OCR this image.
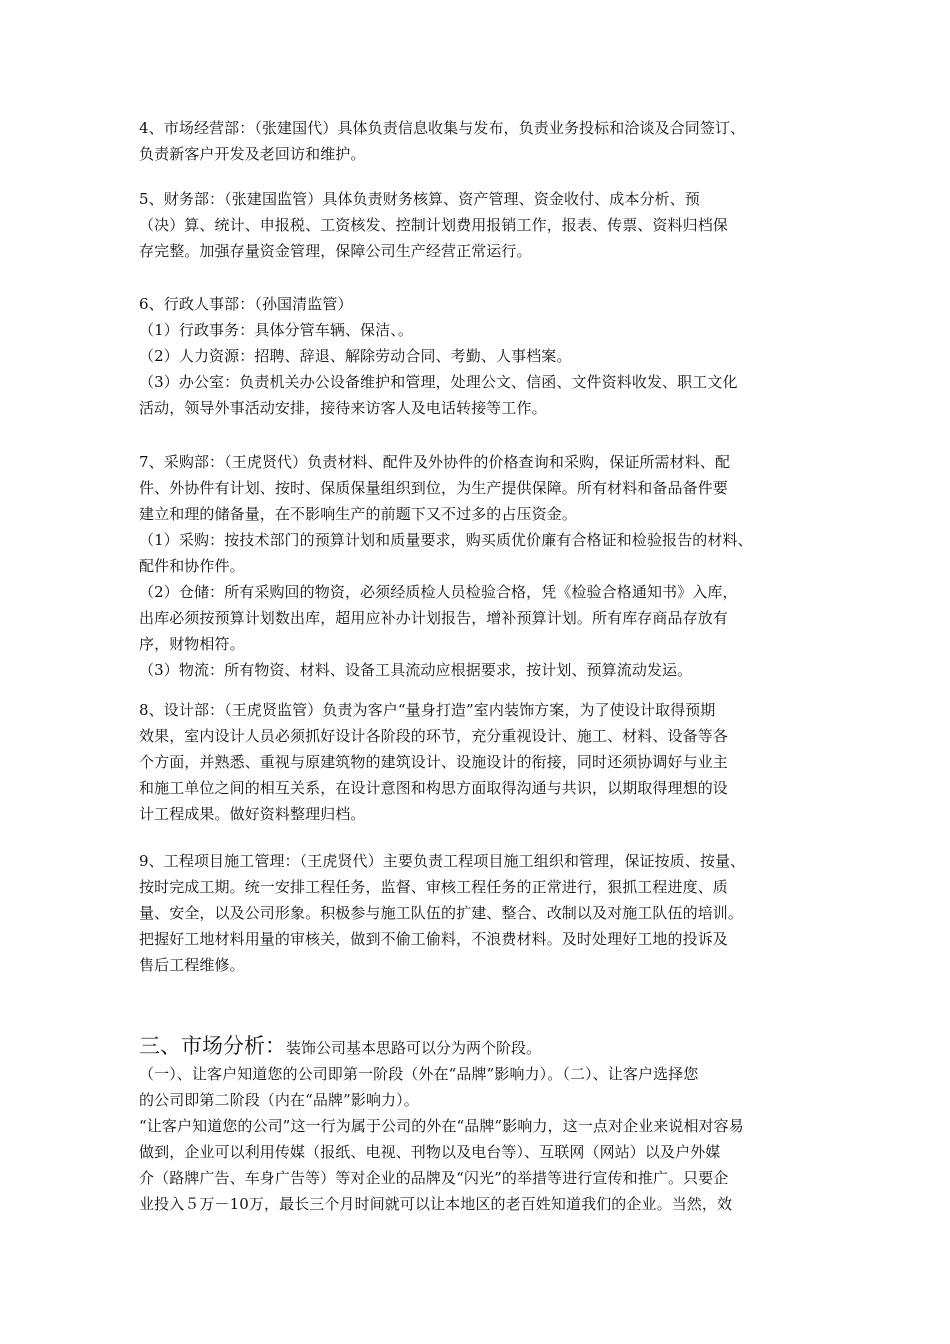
4、市场经营部：（张建国代）具体负责信息收集与发布，负责业务投标和洽谈及合同签订、
负责新客户开发及老回访和维护。
5、财务部：（张建国监管）具体负责财务核算、资产管理、资金收付、成本分析、预
（决）算、统计、申报税、工资核发、控制计划费用报销工作，报表、传票、资料归档保
存完整。加强存量资金管理，保障公司生产经营正常运行。
6、行政人事部：（孙国清监管）
（1）行政事务：具体分管车辆、保洁、。
（2）人力资源：招聘、辞退、解除劳动合同、考勤、人事档案。
（3）办公室：负责机关办公设备维护和管理，处理公文、信函、文件资料收发、职工文化
活动，领导外事活动安排，接待来访客人及电话转接等工作。
7、采购部：（王虎贤代）负责材料、配件及外协件的价格查询和采购，保证所需材料、配
件、外协件有计划、按时、保质保量组织到位，为生产提供保障。所有材料和备品备件要
建立和理的储备量，在不影响生产的前题下又不过多的占压资金。
（1）采购：按技术部门的预算计划和质量要求，购买质优价廉有合格证和检验报告的材料、
配件和协作件。
（2）仓储：所有采购回的物资，必须经质检人员检验合格，凭《检验合格通知书》入库，
出库必须按预算计划数出库，超用应补办计划报告，增补预算计划。所有库存商品存放有
序，财物相符。
（3）物流：所有物资、材料、设备工具流动应根据要求，按计划、预算流动发运。
8、设计部：（王虎贤监管）负责为客户“量身打造”室内装饰方案，为了使设计取得预期
效果，室内设计人员必须抓好设计各阶段的环节，充分重视设计、施工、材料、设备等各
个方面，并熟悉、重视与原建筑物的建筑设计、设施设计的衔接，同时还须协调好与业主
和施工单位之间的相互关系，在设计意图和构思方面取得沟通与共识，以期取得理想的设
计工程成果。做好资料整理归档。
9、工程项目施工管理：（王虎贤代）主要负责工程项目施工组织和管理，保证按质、按量、
按时完成工期。统一安排工程任务，监督、审核工程任务的正常进行，狠抓工程进度、质
量、安全，以及公司形象。积极参与施工队伍的扩建、整合、改制以及对施工队伍的培训。
把握好工地材料用量的审核关，做到不偷工偷料，不浪费材料。及时处理好工地的投诉及
售后工程维修。
三、市场分析：装饰公司基本思路可以分为两个阶段。
（一）、让客户知道您的公司即第一阶段（外在“品牌”影响力）。（二）、让客户选择您
的公司即第二阶段（内在“品牌”影响力）。
“让客户知道您的公司”这一行为属于公司的外在“品牌”影响力，这一点对企业来说相对容易
做到，企业可以利用传媒（报纸、电视、刊物以及电台等）、互联网（网站）以及户外媒
介（路牌广告、车身广告等）等对企业的品牌及“闪光”的举措等进行宣传和推广。只要企
业投入５万－10万，最长三个月时间就可以让本地区的老百姓知道我们的企业。当然，效
